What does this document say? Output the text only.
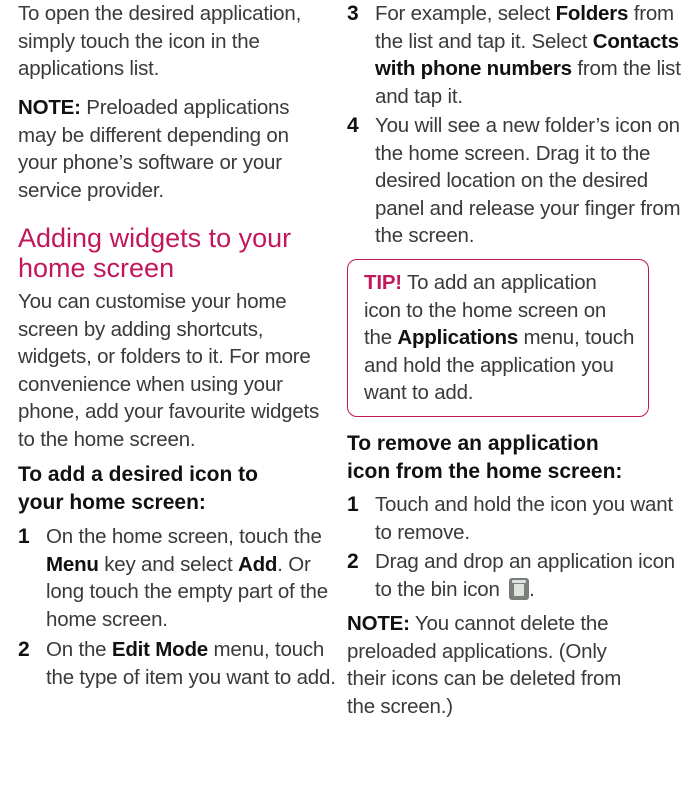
To open the desired application, simply touch the icon in the applications list.

NOTE: Preloaded applications may be different depending on your phone’s software or your service provider.

Adding widgets to your home screen

You can customise your home screen by adding shortcuts, widgets, or folders to it. For more convenience when using your phone, add your favourite widgets to the home screen.

To add a desired icon to your home screen:
1 On the home screen, touch the Menu key and select Add. Or long touch the empty part of the home screen.

2 On the Edit Mode menu, touch the type of item you want to add.

3 For example, select Folders from the list and tap it. Select Contacts with phone numbers from the list and tap it.

4 You will see a new folder’s icon on the home screen. Drag it to the desired location on the desired panel and release your finger from the screen.

TIP! To add an application icon to the home screen on the Applications menu, touch and hold the application you want to add.

To remove an application icon from the home screen:
1 Touch and hold the icon you want to remove.

2 Drag and drop an application icon to the bin icon .

NOTE: You cannot delete the preloaded applications. (Only their icons can be deleted from the screen.)
